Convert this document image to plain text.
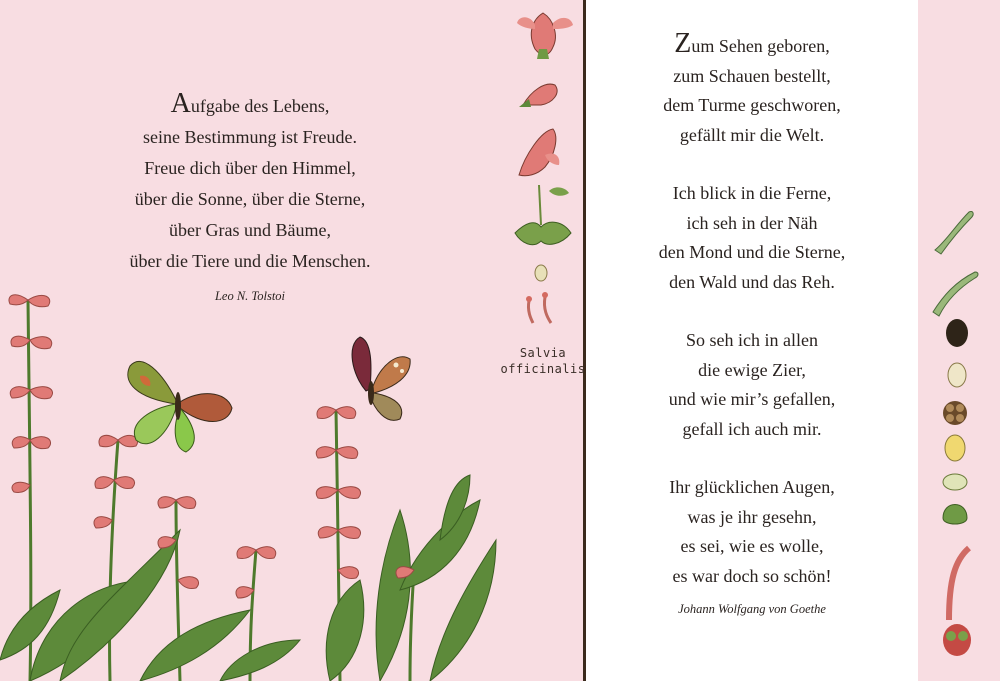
Aufgabe des Lebens,
seine Bestimmung ist Freude.
Freue dich über den Himmel,
über die Sonne, über die Sterne,
über Gras und Bäume,
über die Tiere und die Menschen.
Leo N. Tolstoi
Zum Sehen geboren,
zum Schauen bestellt,
dem Turme geschworen,
gefällt mir die Welt.
Ich blick in die Ferne,
ich seh in der Näh
den Mond und die Sterne,
den Wald und das Reh.
So seh ich in allen
die ewige Zier,
und wie mir’s gefallen,
gefall ich auch mir.
Ihr glücklichen Augen,
was je ihr gesehn,
es sei, wie es wolle,
es war doch so schön!
Johann Wolfgang von Goethe
Salvia
officinalis
